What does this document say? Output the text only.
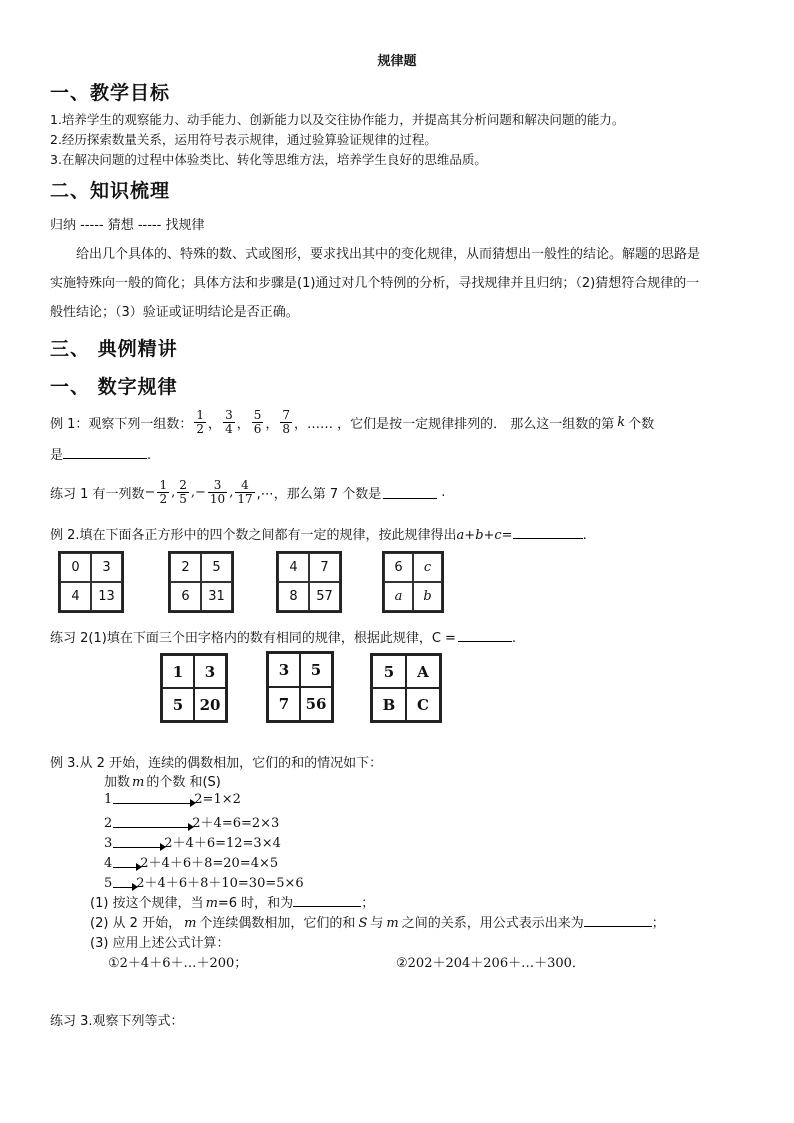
规律题
一、教学目标
1.培养学生的观察能力、动手能力、创新能力以及交往协作能力，并提高其分析问题和解决问题的能力。
2.经历探索数量关系，运用符号表示规律，通过验算验证规律的过程。
3.在解决问题的过程中体验类比、转化等思维方法，培养学生良好的思维品质。
二、知识梳理
归纳 ----- 猜想 ----- 找规律
给出几个具体的、特殊的数、式或图形，要求找出其中的变化规律，从而猜想出一般性的结论。解题的思路是
实施特殊向一般的简化；具体方法和步骤是(1)通过对几个特例的分析，寻找规律并且归纳；（2)猜想符合规律的一
般性结论；（3）验证或证明结论是否正确。
三、 典例精讲
一、 数字规律
例 1：观察下列一组数： $\frac{1}{2}$ ， $\frac{3}{4}$ ， $\frac{5}{6}$ ， $\frac{7}{8}$ ，…… ，它们是按一定规律排列的． 那么这一组数的第 k 个数
是	.
练习 1 有一列数 − $\frac{1}{2}$ , $\frac{2}{5}$ ,− $\frac{3}{10}$ , $\frac{4}{17}$ ,⋯，那么第 7 个数是	.
例 2.填在下面各正方形中的四个数之间都有一定的规律，按此规律得出a+b+c=	.
0	3
4	13
2	5
6	31
4	7
8	57
6	c
a	b
练习 2(1)填在下面三个田字格内的数有相同的规律，根据此规律，C =	.
1	3
5	20
3	5
7	56
5	A
B	C
例 3.从 2 开始，连续的偶数相加，它们的和的情况如下：
加数 m 的个数 和(S)
1	2=1×2
2	2＋4=6=2×3
3	2＋4＋6=12=3×4
4 2＋4＋6＋8=20=4×5
5 2＋4＋6＋8＋10=30=5×6
(1) 按这个规律，当 m=6 时，和为	；
(2) 从 2 开始， m 个连续偶数相加，它们的和 S 与 m 之间的关系，用公式表示出来为	；
(3) 应用上述公式计算：
①2＋4＋6＋…＋200；	②202＋204＋206＋…＋300．
练习 3.观察下列等式：
